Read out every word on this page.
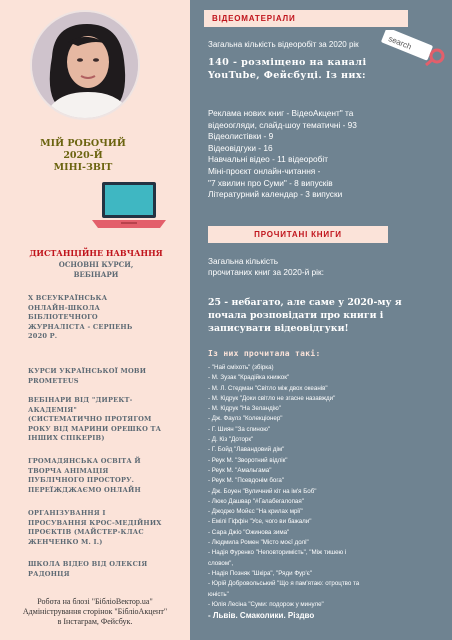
МІЙ РОБОЧИЙ
2020-Й
МІНІ-ЗВІТ
ДИСТАНЦІЙНЕ НАВЧАННЯ
ОСНОВНІ КУРСИ,
ВЕБІНАРИ
X ВСЕУКРАЇНСЬКА
ОНЛАЙН-ШКОЛА
БІБЛІОТЕЧНОГО
ЖУРНАЛІСТА - СЕРПЕНЬ
2020 Р.
КУРСИ УКРАЇНСЬКОЇ МОВИ
PROMETEUS
ВЕБІНАРИ ВІД "ДИРЕКТ-
АКАДЕМІЯ"
(СИСТЕМАТИЧНО ПРОТЯГОМ
РОКУ ВІД МАРИНИ ОРЕШКО ТА
ІНШИХ СПІКЕРІВ)
ГРОМАДЯНСЬКА ОСВІТА Й
ТВОРЧА АНІМАЦІЯ
ПУБЛІЧНОГО ПРОСТОРУ.
ПЕРЕЇЖДЖАЄМО ОНЛАЙН
ОРГАНІЗУВАННЯ І
ПРОСУВАННЯ КРОС-МЕДІЙНИХ
ПРОЄКТІВ (МАЙСТЕР-КЛАС
ЖЕНЧЕНКО М. І.)
ШКОЛА ВІДЕО ВІД ОЛЕКСІЯ
РАДОНЦЯ
Робота на блозі "БібліоВектор.ua"
Адміністрування сторінок "БібліоАкцент"
в Інстаграм, Фейсбук.
ВІДЕОМАТЕРІАЛИ
search
Загальна кількість відеоробіт за 2020 рік
140 - розміщено на каналі
YouTube, Фейсбуці. Із них:
Реклама нових книг - ВідеоАкцент" та
відеоогляди, слайд-шоу тематичні - 93
Відеолистівки - 9
Відеовідгуки - 16
Навчальні відео - 11 відеоробіт
Міні-проєкт онлайн-читання -
"7 хвилин про Суми" - 8 випусків
Літературний календар - 3 випуски
ПРОЧИТАНІ КНИГИ
Загальна кількість
прочитаних книг за 2020-й рік:
25 - небагато, але саме у 2020-му я
почала розповідати про книги і
записувати відеовідгуки!
Із них прочитала такі:
- "Най сміхоть" (збірка)
- М. Зузак "Крадійка книжок"
- М. Л. Стедман "Світло між двох океанів"
- М. Кідрук "Доки світло не згасне назавжди"
- М. Кідрук "На Зеландію"
- Дж. Фаулз "Колекціонер"
- Г. Шиян "За спиною"
- Д. Кіз "Доторк"
- Г. Бойд "Лавандовий дім"
- Реук М. "Зворотний відлік"
- Реук М. "Амальгама"
- Реук М. "Псевдонім бога"
- Дж. Боуен "Вуличний кіт на ім'я Боб"
- Люко Дашвар "#Галабегалопая"
- Джоджо Мойєс "На крилах мрії"
- Емілі Гіффін "Усе, чого ви бажали"
- Сара Джіо "Ожинова зима"
- Людмила Ромен "Місто моєї долі"
- Надія Фуренко "Неповторимість", "Між тишею і
словом",
- Надія Позняк "Шкіра", "Ряди Фур'є"
- Юрій Добровольський "Що я пам'ятаю: отроцтво та
юність"
- Юлія Лесіна "Суми: подорож у минуле"
- Львів. Смаколики. Різдво
